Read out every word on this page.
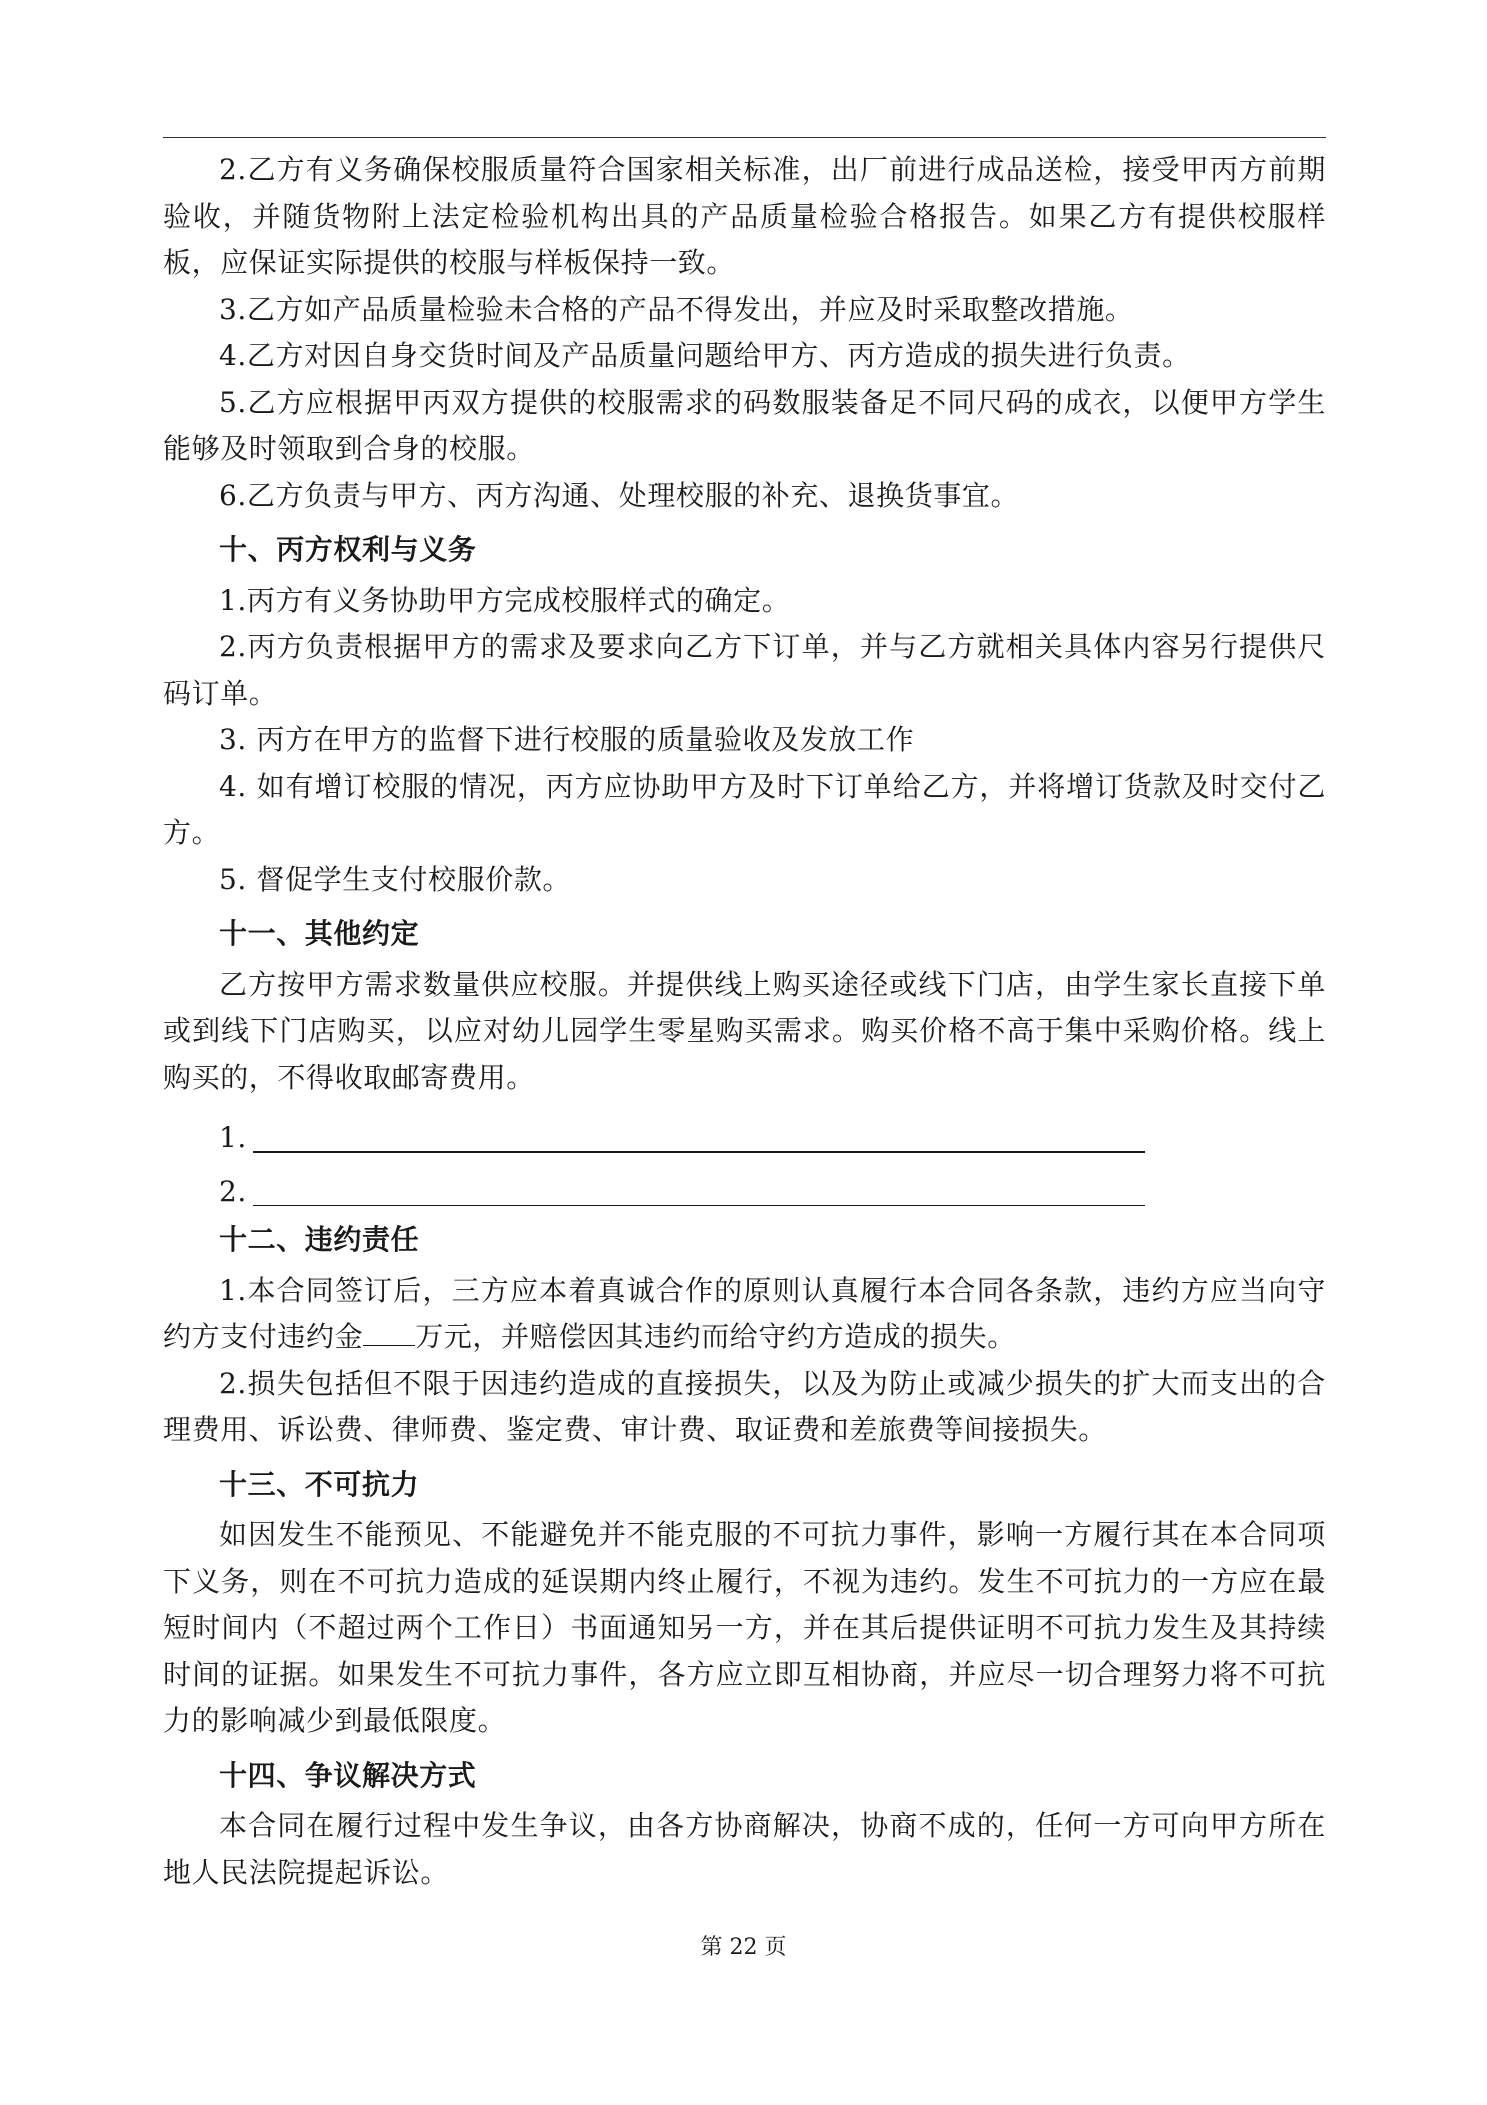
2.乙方有义务确保校服质量符合国家相关标准，出厂前进行成品送检，接受甲丙方前期验收，并随货物附上法定检验机构出具的产品质量检验合格报告。如果乙方有提供校服样板，应保证实际提供的校服与样板保持一致。

3.乙方如产品质量检验未合格的产品不得发出，并应及时采取整改措施。

4.乙方对因自身交货时间及产品质量问题给甲方、丙方造成的损失进行负责。

5.乙方应根据甲丙双方提供的校服需求的码数服装备足不同尺码的成衣，以便甲方学生能够及时领取到合身的校服。

6.乙方负责与甲方、丙方沟通、处理校服的补充、退换货事宜。

十、丙方权利与义务

1.丙方有义务协助甲方完成校服样式的确定。

2.丙方负责根据甲方的需求及要求向乙方下订单，并与乙方就相关具体内容另行提供尺码订单。

3. 丙方在甲方的监督下进行校服的质量验收及发放工作

4. 如有增订校服的情况，丙方应协助甲方及时下订单给乙方，并将增订货款及时交付乙方。

5. 督促学生支付校服价款。

十一、其他约定

乙方按甲方需求数量供应校服。并提供线上购买途径或线下门店，由学生家长直接下单或到线下门店购买，以应对幼儿园学生零星购买需求。购买价格不高于集中采购价格。线上购买的，不得收取邮寄费用。

1.
2.

十二、违约责任

1.本合同签订后，三方应本着真诚合作的原则认真履行本合同各条款，违约方应当向守约方支付违约金 万元，并赔偿因其违约而给守约方造成的损失。

2.损失包括但不限于因违约造成的直接损失，以及为防止或减少损失的扩大而支出的合理费用、诉讼费、律师费、鉴定费、审计费、取证费和差旅费等间接损失。

十三、不可抗力

如因发生不能预见、不能避免并不能克服的不可抗力事件，影响一方履行其在本合同项下义务，则在不可抗力造成的延误期内终止履行，不视为违约。发生不可抗力的一方应在最短时间内（不超过两个工作日）书面通知另一方，并在其后提供证明不可抗力发生及其持续时间的证据。如果发生不可抗力事件，各方应立即互相协商，并应尽一切合理努力将不可抗力的影响减少到最低限度。

十四、争议解决方式

本合同在履行过程中发生争议，由各方协商解决，协商不成的，任何一方可向甲方所在地人民法院提起诉讼。

第 22 页
